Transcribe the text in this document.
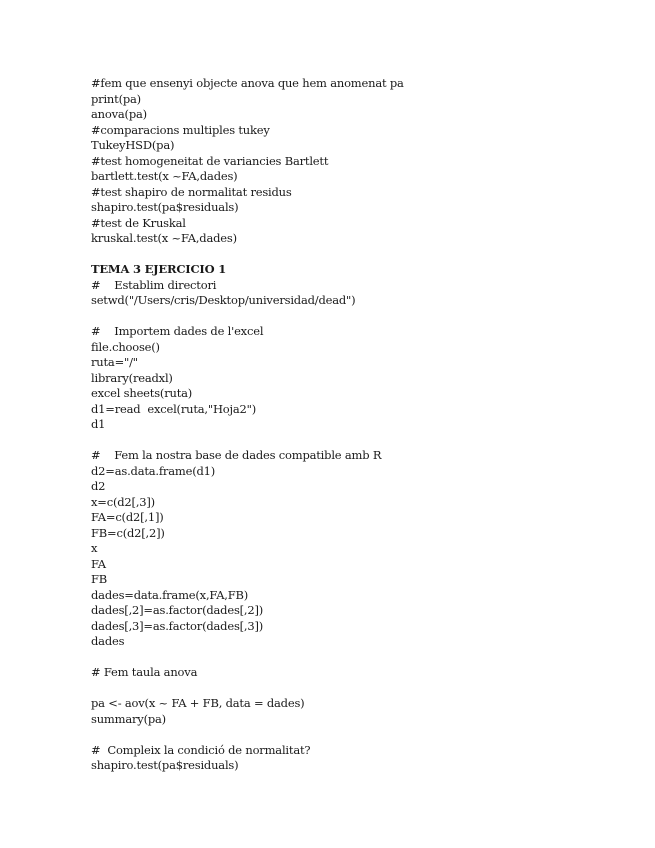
#fem que ensenyi objecte anova que hem anomenat pa
print(pa)
anova(pa)
#comparacions multiples tukey
TukeyHSD(pa)
#test homogeneitat de variancies Bartlett
bartlett.test(x ~FA,dades)
#test shapiro de normalitat residus
shapiro.test(pa$residuals)
#test de Kruskal
kruskal.test(x ~FA,dades)
TEMA 3 EJERCICIO 1
#    Establim directori
setwd("/Users/cris/Desktop/universidad/dead")
#    Importem dades de l'excel
file.choose()
ruta="/"
library(readxl)
excel sheets(ruta)
d1=read  excel(ruta,"Hoja2")
d1
#    Fem la nostra base de dades compatible amb R
d2=as.data.frame(d1)
d2
x=c(d2[,3])
FA=c(d2[,1])
FB=c(d2[,2])
x
FA
FB
dades=data.frame(x,FA,FB)
dades[,2]=as.factor(dades[,2])
dades[,3]=as.factor(dades[,3])
dades
# Fem taula anova
pa <- aov(x ~ FA + FB, data = dades)
summary(pa)
#  Compleix la condició de normalitat?
shapiro.test(pa$residuals)
